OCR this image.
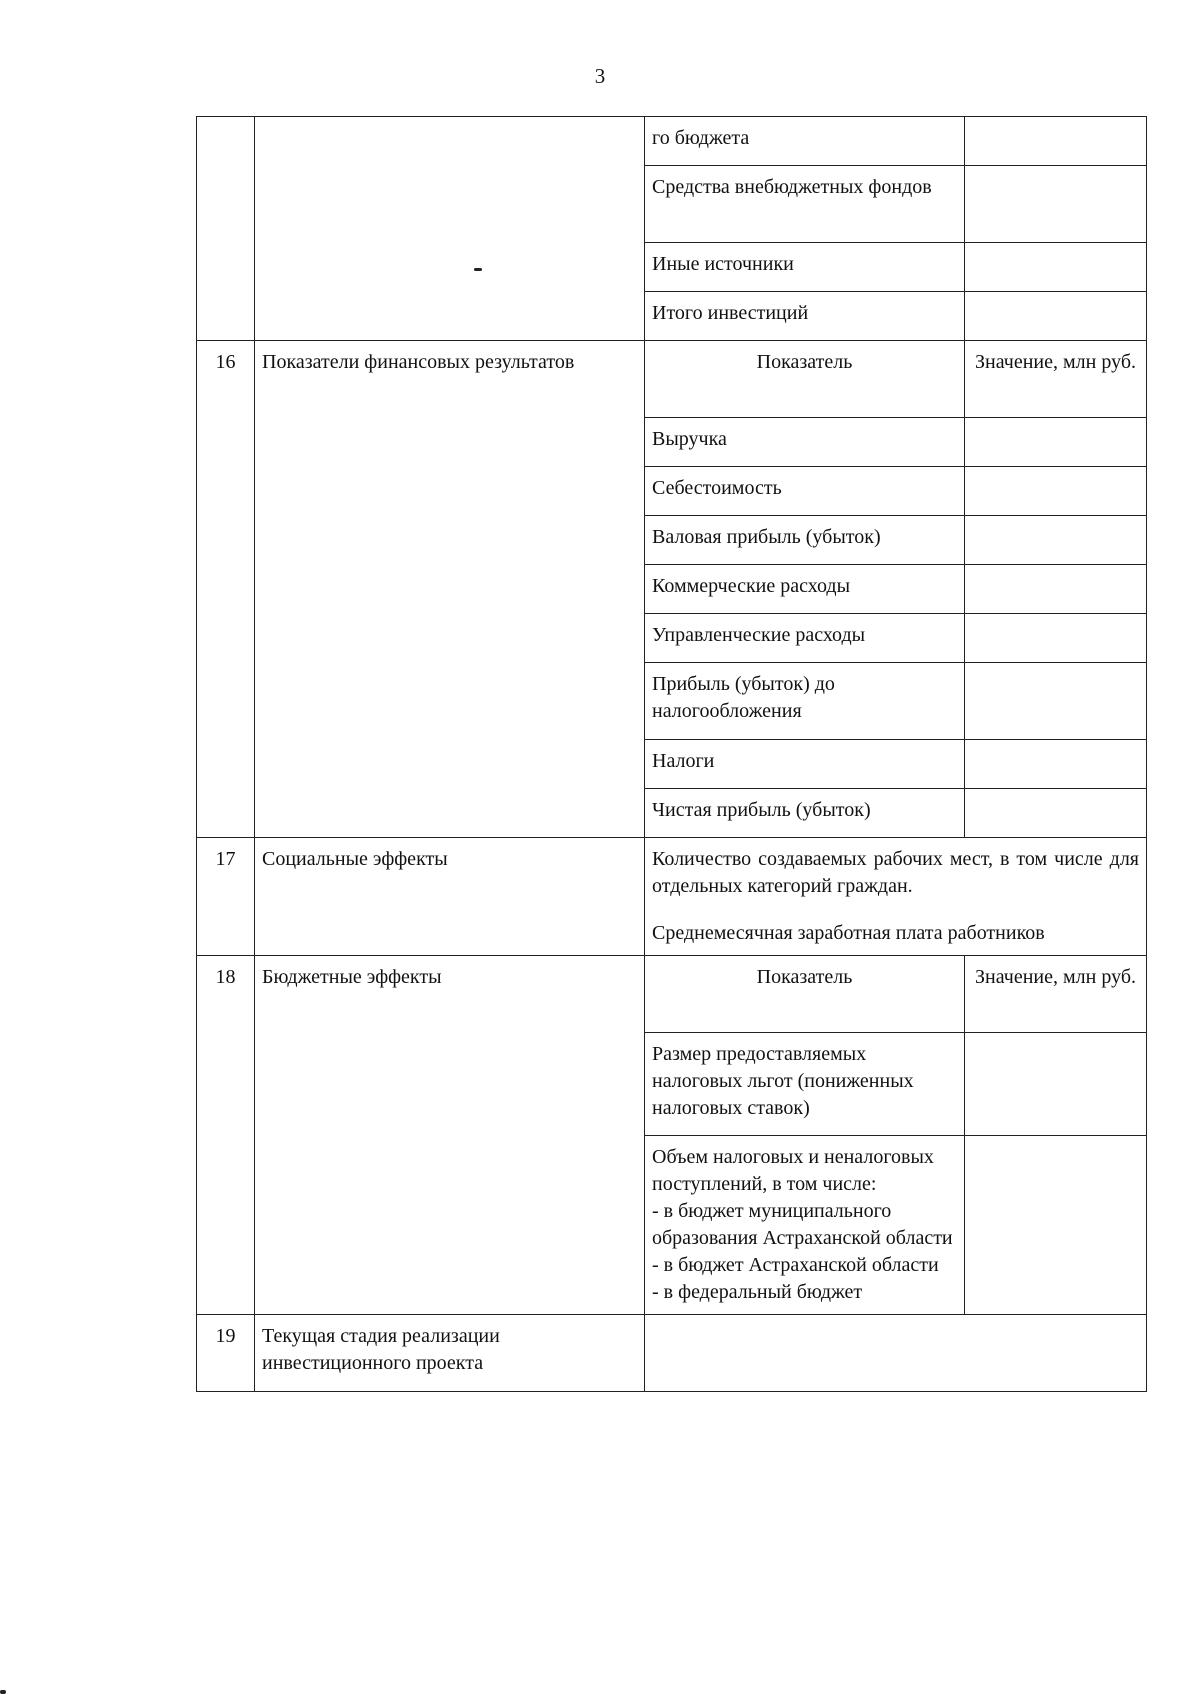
3
		го бюджета	
		Средства внебюджетных фондов	
		Иные источники	
		Итого инвестиций	
16	Показатели финансовых результатов	Показатель	Значение, млн руб.
		Выручка	
		Себестоимость	
		Валовая прибыль (убыток)	
		Коммерческие расходы	
		Управленческие расходы	
		Прибыль (убыток) до налогообложения	
		Налоги	
		Чистая прибыль (убыток)	
17	Социальные эффекты	Количество создаваемых рабочих мест, в том числе для отдельных категорий граждан.
Среднемесячная заработная плата работников	

18	Бюджетные эффекты	Показатель	Значение, млн руб.
		Размер предоставляемых налоговых льгот (пониженных налоговых ставок)	

		Объем налоговых и неналоговых поступлений, в том числе:
- в бюджет муниципального образования Астраханской области
- в бюджет Астраханской области
- в федеральный бюджет	

19	Текущая стадия реализации инвестиционного проекта		
